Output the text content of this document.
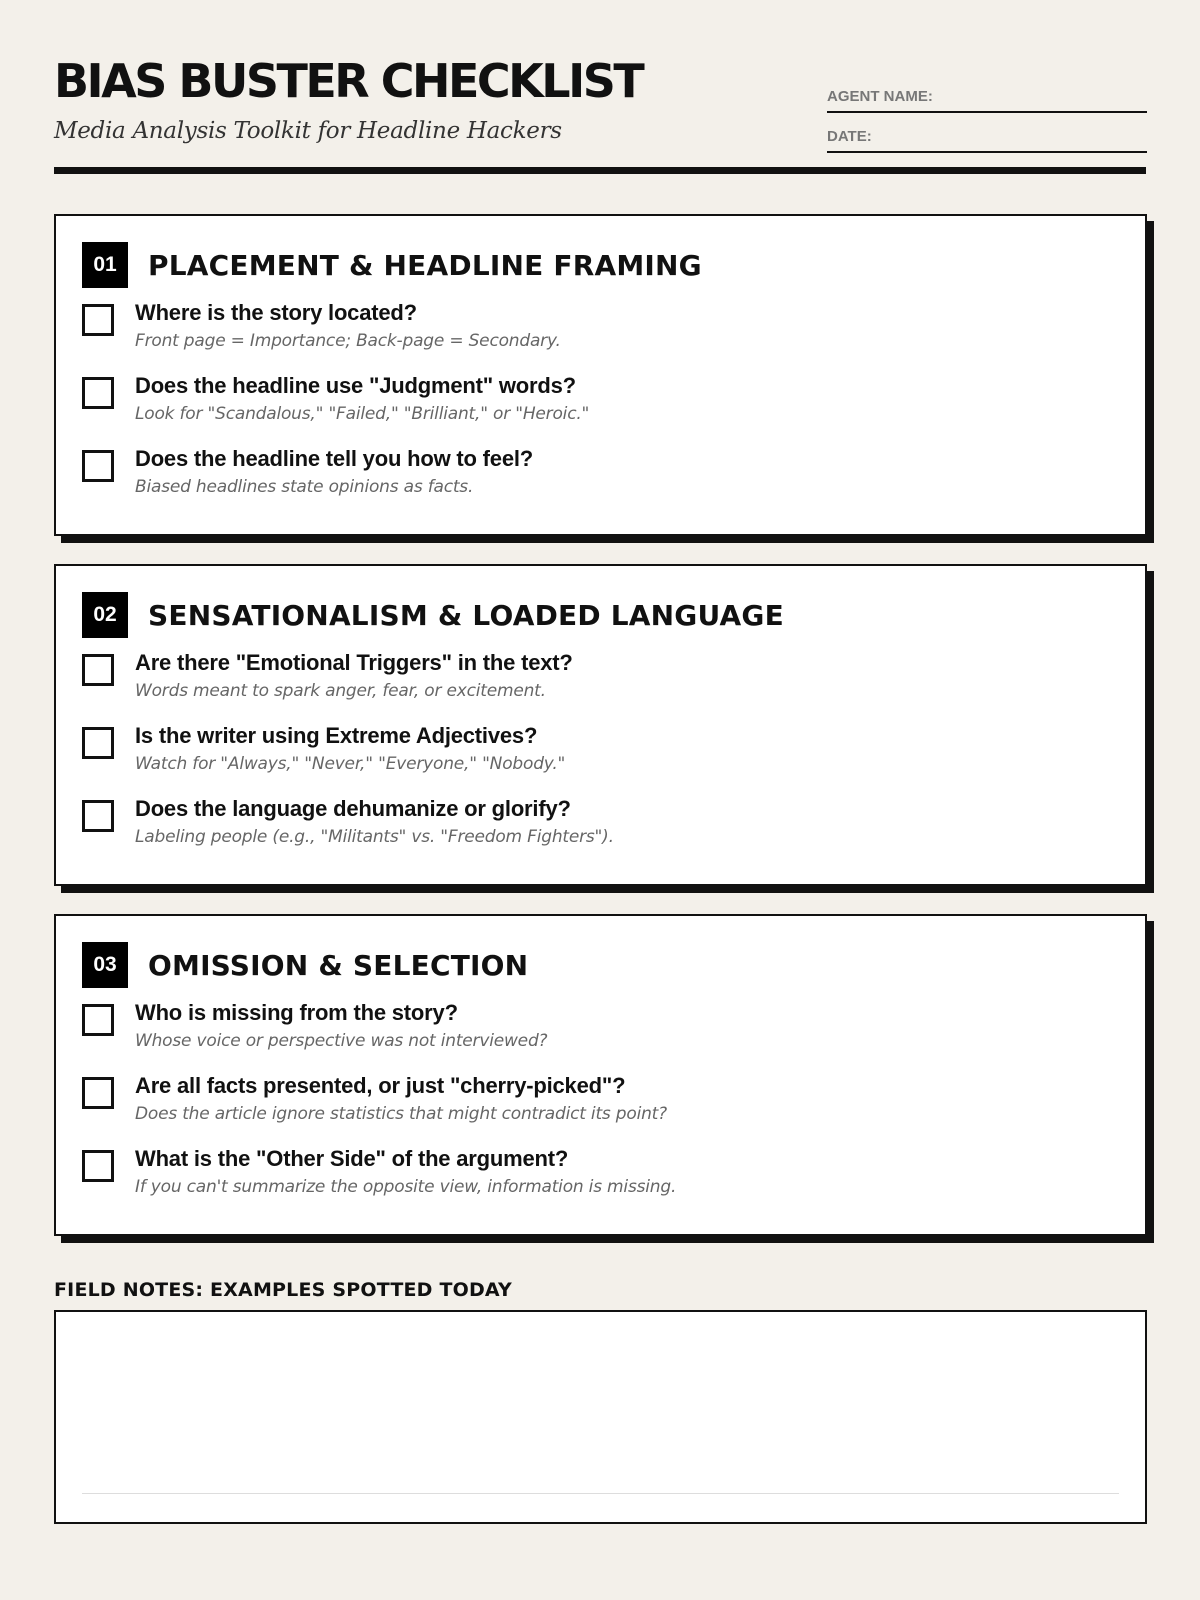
BIAS BUSTER CHECKLIST
Media Analysis Toolkit for Headline Hackers
AGENT NAME:
DATE:
01	PLACEMENT & HEADLINE FRAMING
Where is the story located?
Front page = Importance; Back-page = Secondary.
Does the headline use "Judgment" words?
Look for "Scandalous," "Failed," "Brilliant," or "Heroic."
Does the headline tell you how to feel?
Biased headlines state opinions as facts.
02	SENSATIONALISM & LOADED LANGUAGE
Are there "Emotional Triggers" in the text?
Words meant to spark anger, fear, or excitement.
Is the writer using Extreme Adjectives?
Watch for "Always," "Never," "Everyone," "Nobody."
Does the language dehumanize or glorify?
Labeling people (e.g., "Militants" vs. "Freedom Fighters").
03	OMISSION & SELECTION
Who is missing from the story?
Whose voice or perspective was not interviewed?
Are all facts presented, or just "cherry-picked"?
Does the article ignore statistics that might contradict its point?
What is the "Other Side" of the argument?
If you can't summarize the opposite view, information is missing.
FIELD NOTES: EXAMPLES SPOTTED TODAY
